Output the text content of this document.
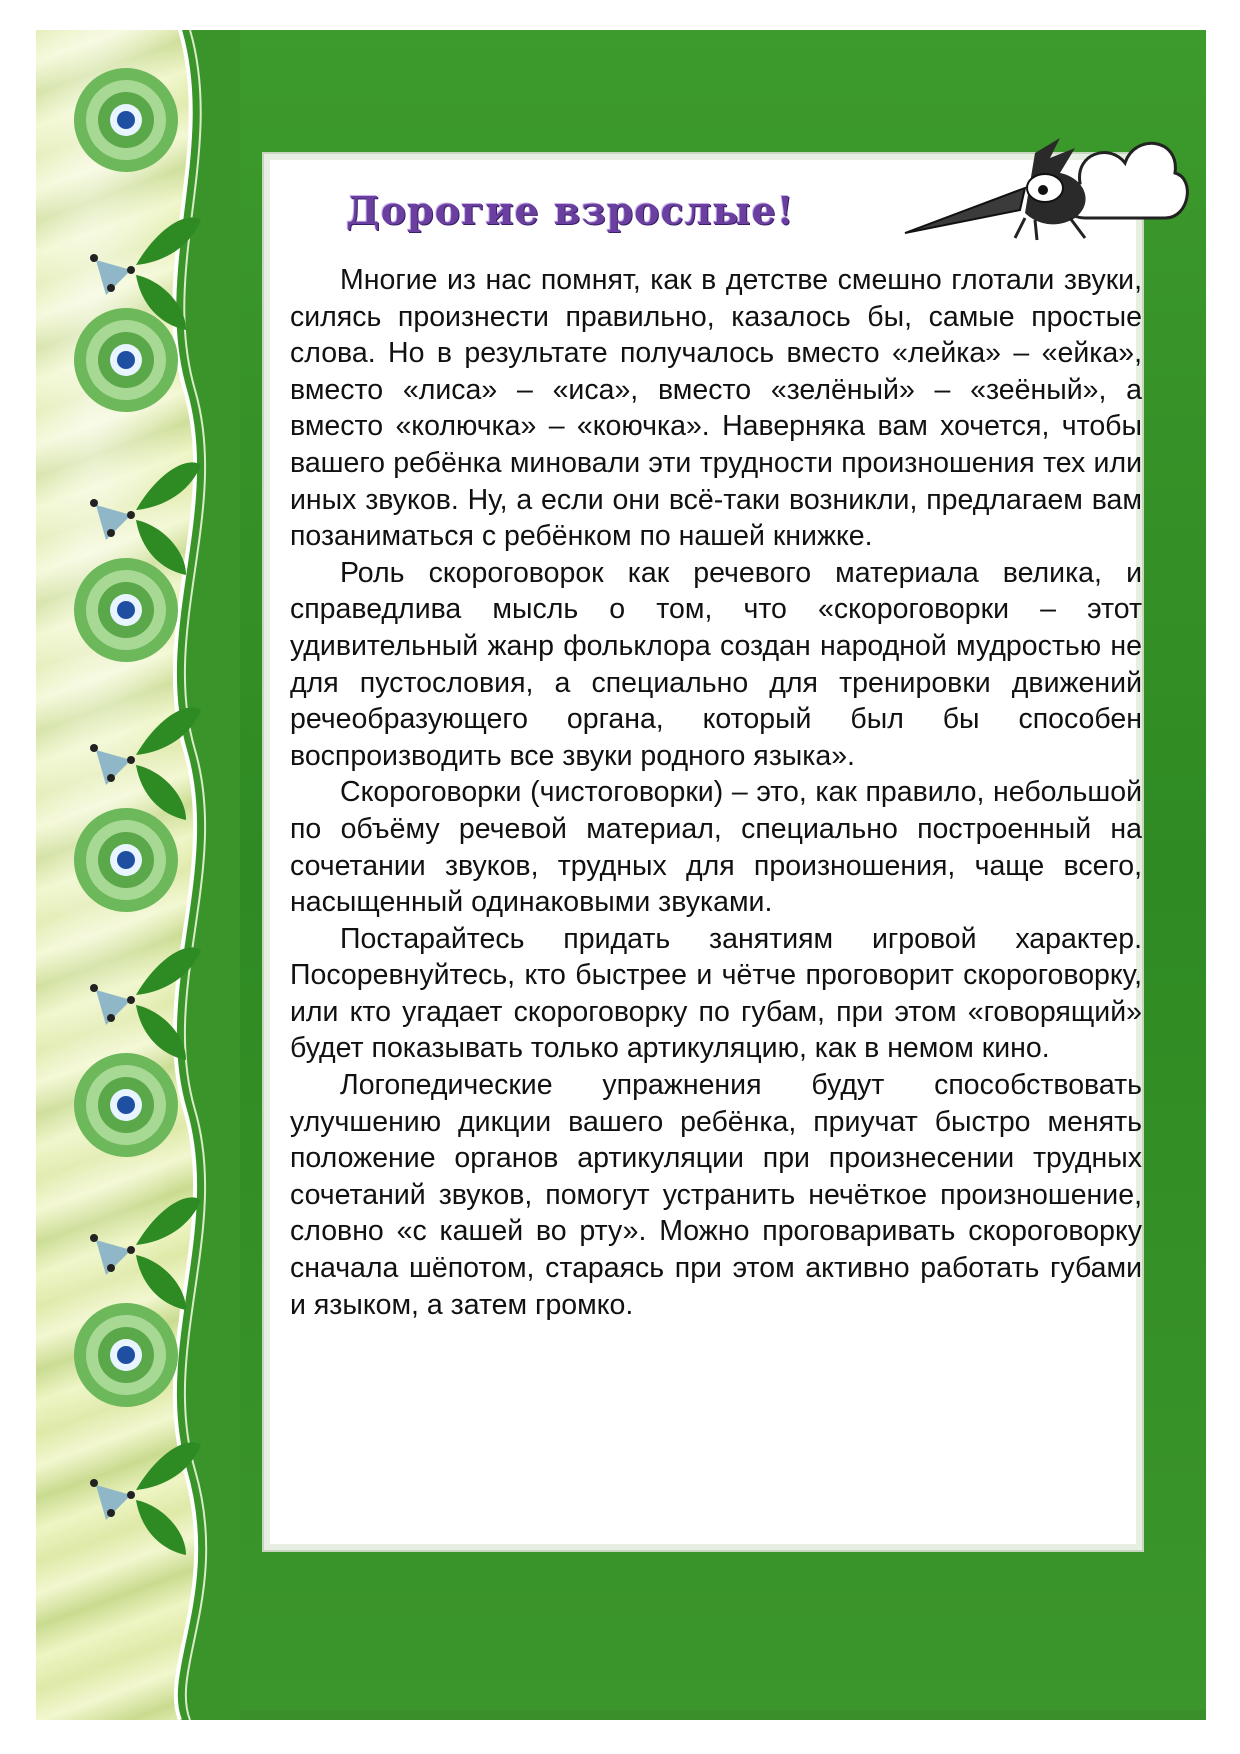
Дорогие взрослые!

Многие из нас помнят, как в детстве смешно глотали звуки, силясь произнести правильно, казалось бы, самые простые слова. Но в результате получалось вместо «лейка» – «ейка», вместо «лиса» – «иса», вместо «зелёный» – «зеёный», а вместо «колючка» – «коючка». Наверняка вам хочется, чтобы вашего ребёнка миновали эти трудности произношения тех или иных звуков. Ну, а если они всё-таки возникли, предлагаем вам позаниматься с ребёнком по нашей книжке.

Роль скороговорок как речевого материала велика, и справедлива мысль о том, что «скороговорки – этот удивительный жанр фольклора создан народной мудростью не для пустословия, а специально для тренировки движений речеобразующего органа, который был бы способен воспроизводить все звуки родного языка».

Скороговорки (чистоговорки) – это, как правило, небольшой по объёму речевой материал, специально построенный на сочетании звуков, трудных для произношения, чаще всего, насыщенный одинаковыми звуками.

Постарайтесь придать занятиям игровой характер. Посоревнуйтесь, кто быстрее и чётче проговорит скороговорку, или кто угадает скороговорку по губам, при этом «говорящий» будет показывать только артикуляцию, как в немом кино.

Логопедические упражнения будут способствовать улучшению дикции вашего ребёнка, приучат быстро менять положение органов артикуляции при произнесении трудных сочетаний звуков, помогут устранить нечёткое произношение, словно «с кашей во рту». Можно проговаривать скороговорку сначала шёпотом, стараясь при этом активно работать губами и языком, а затем громко.
